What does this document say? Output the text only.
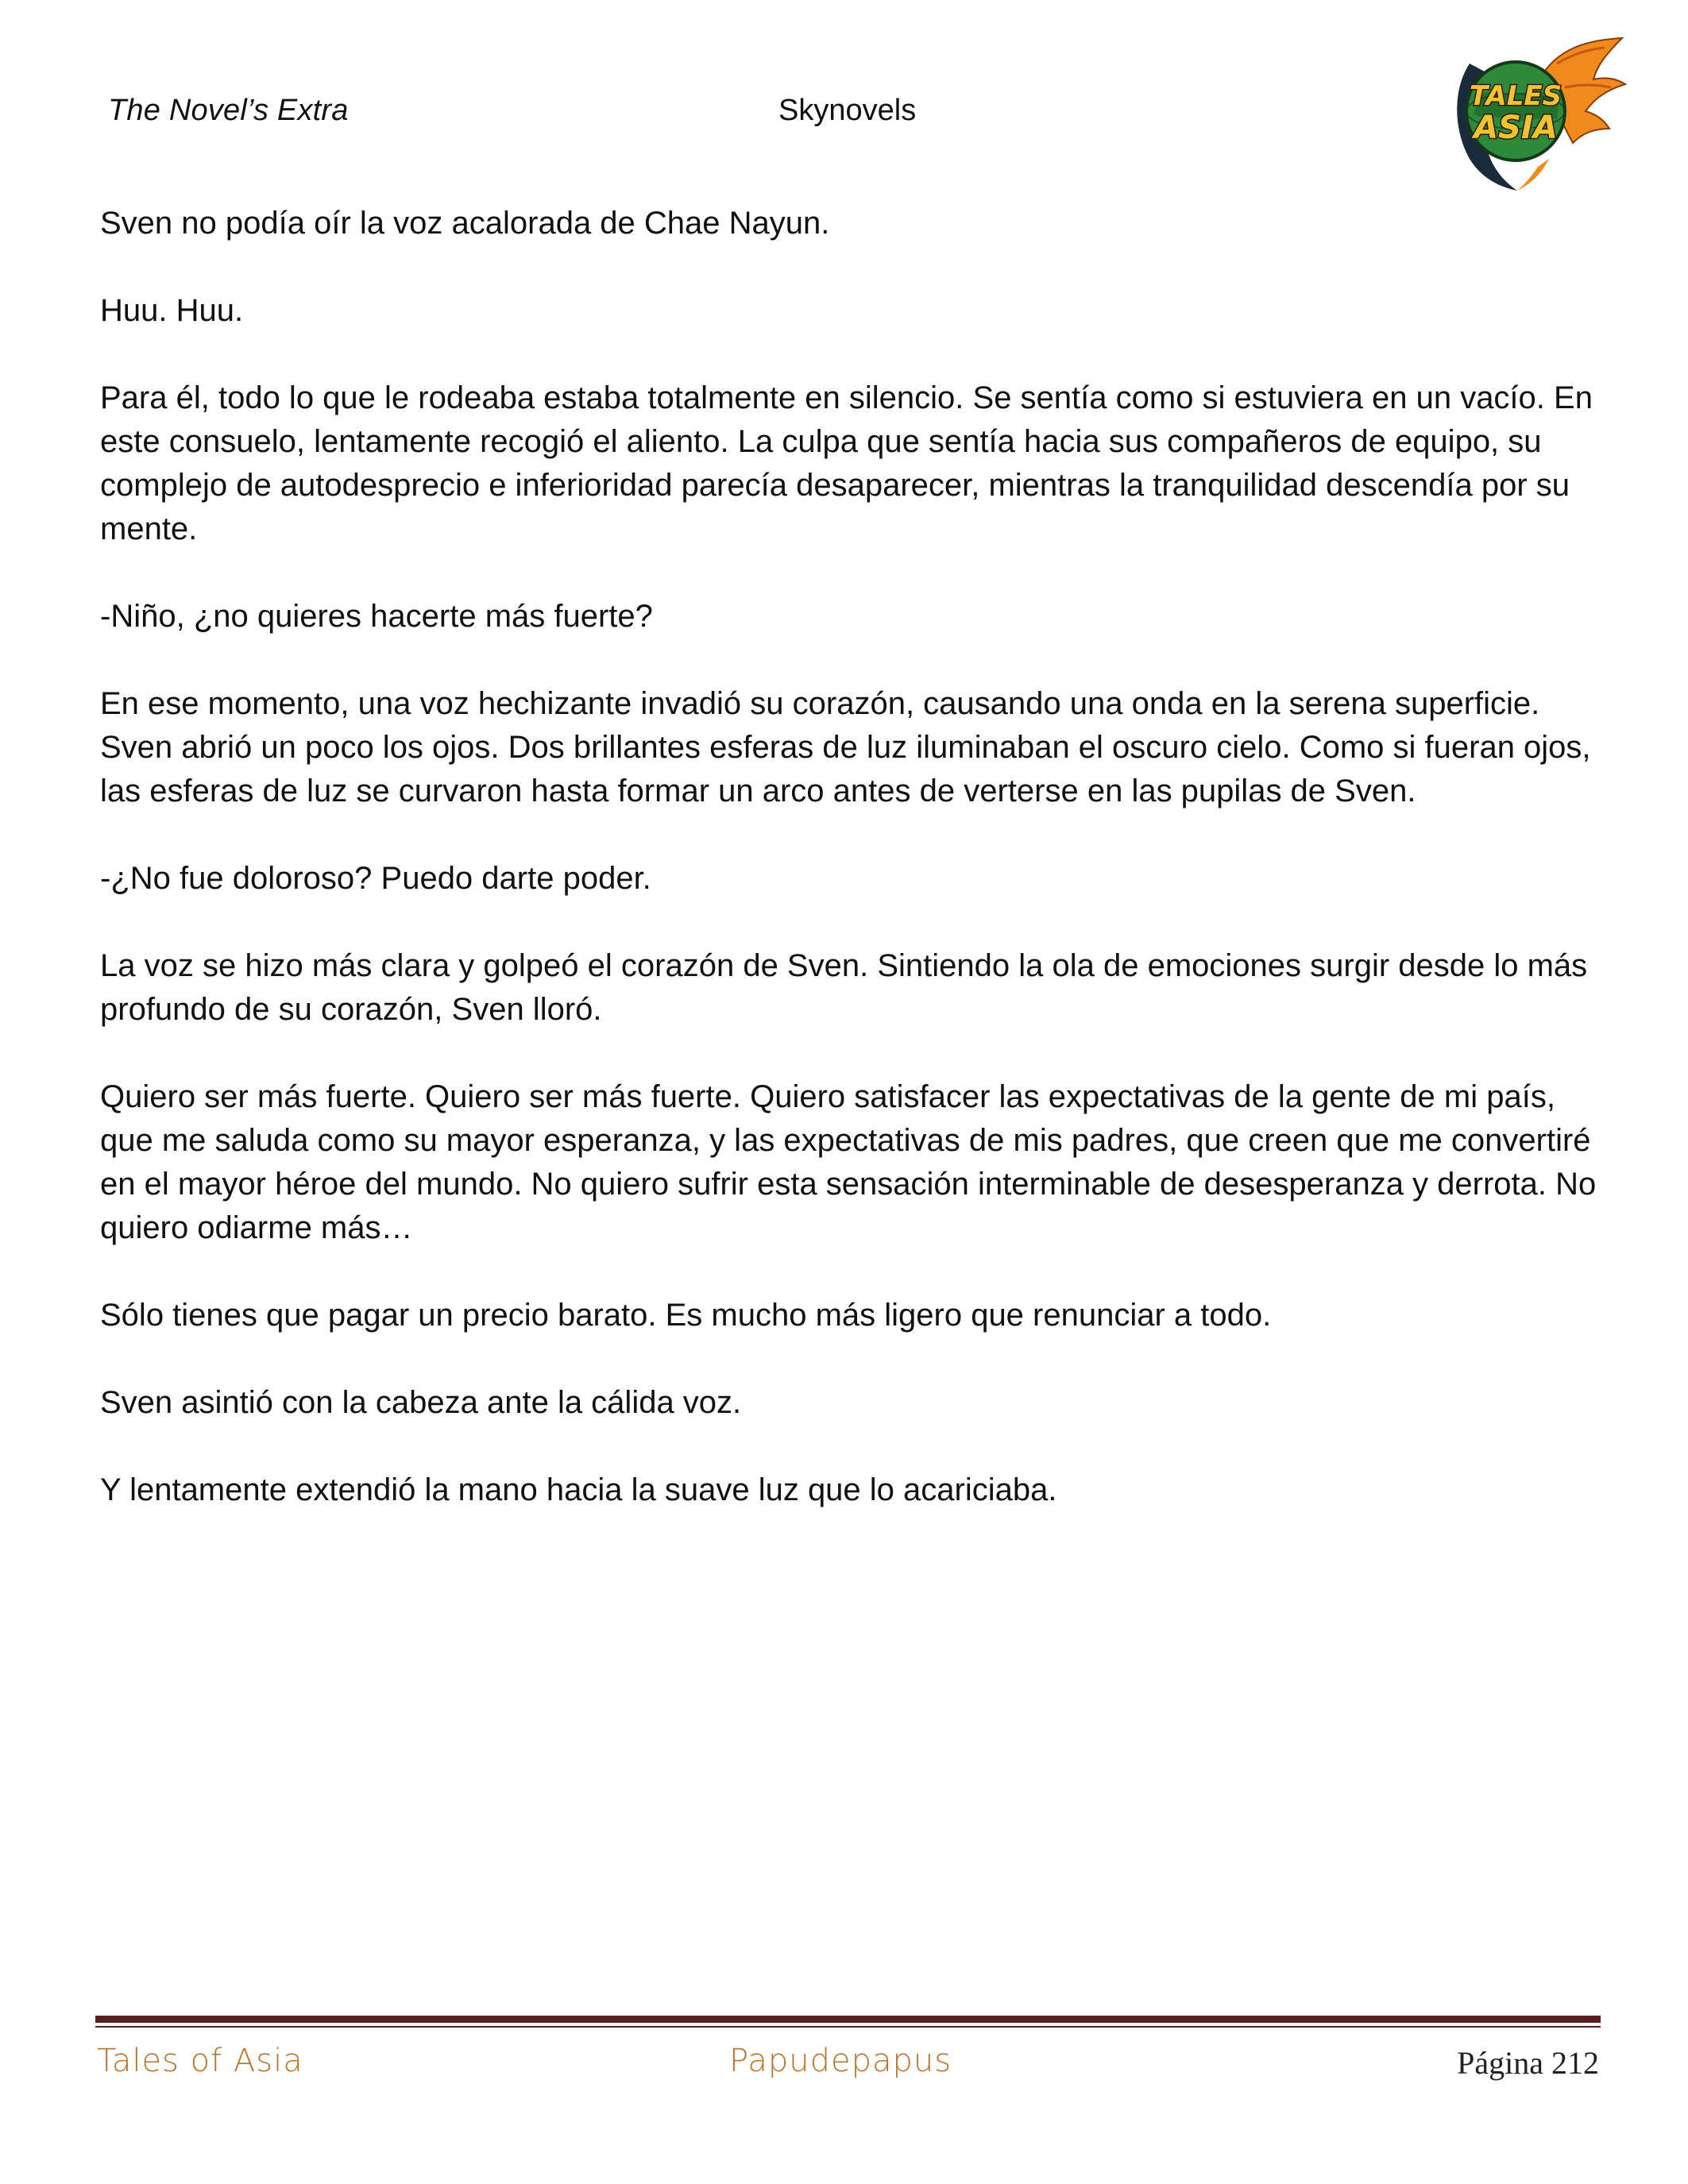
The Novel’s Extra	Skynovels	TALES
ASIA

Sven no podía oír la voz acalorada de Chae Nayun.

Huu. Huu.

Para él, todo lo que le rodeaba estaba totalmente en silencio. Se sentía como si estuviera en un vacío. En este consuelo, lentamente recogió el aliento. La culpa que sentía hacia sus compañeros de equipo, su complejo de autodesprecio e inferioridad parecía desaparecer, mientras la tranquilidad descendía por su mente.

-Niño, ¿no quieres hacerte más fuerte?

En ese momento, una voz hechizante invadió su corazón, causando una onda en la serena superficie. Sven abrió un poco los ojos. Dos brillantes esferas de luz iluminaban el oscuro cielo. Como si fueran ojos, las esferas de luz se curvaron hasta formar un arco antes de verterse en las pupilas de Sven.

-¿No fue doloroso? Puedo darte poder.

La voz se hizo más clara y golpeó el corazón de Sven. Sintiendo la ola de emociones surgir desde lo más profundo de su corazón, Sven lloró.

Quiero ser más fuerte. Quiero ser más fuerte. Quiero satisfacer las expectativas de la gente de mi país, que me saluda como su mayor esperanza, y las expectativas de mis padres, que creen que me convertiré en el mayor héroe del mundo. No quiero sufrir esta sensación interminable de desesperanza y derrota. No quiero odiarme más…

Sólo tienes que pagar un precio barato. Es mucho más ligero que renunciar a todo.

Sven asintió con la cabeza ante la cálida voz.

Y lentamente extendió la mano hacia la suave luz que lo acariciaba.

Tales of Asia	Papudepapus	Página 212
